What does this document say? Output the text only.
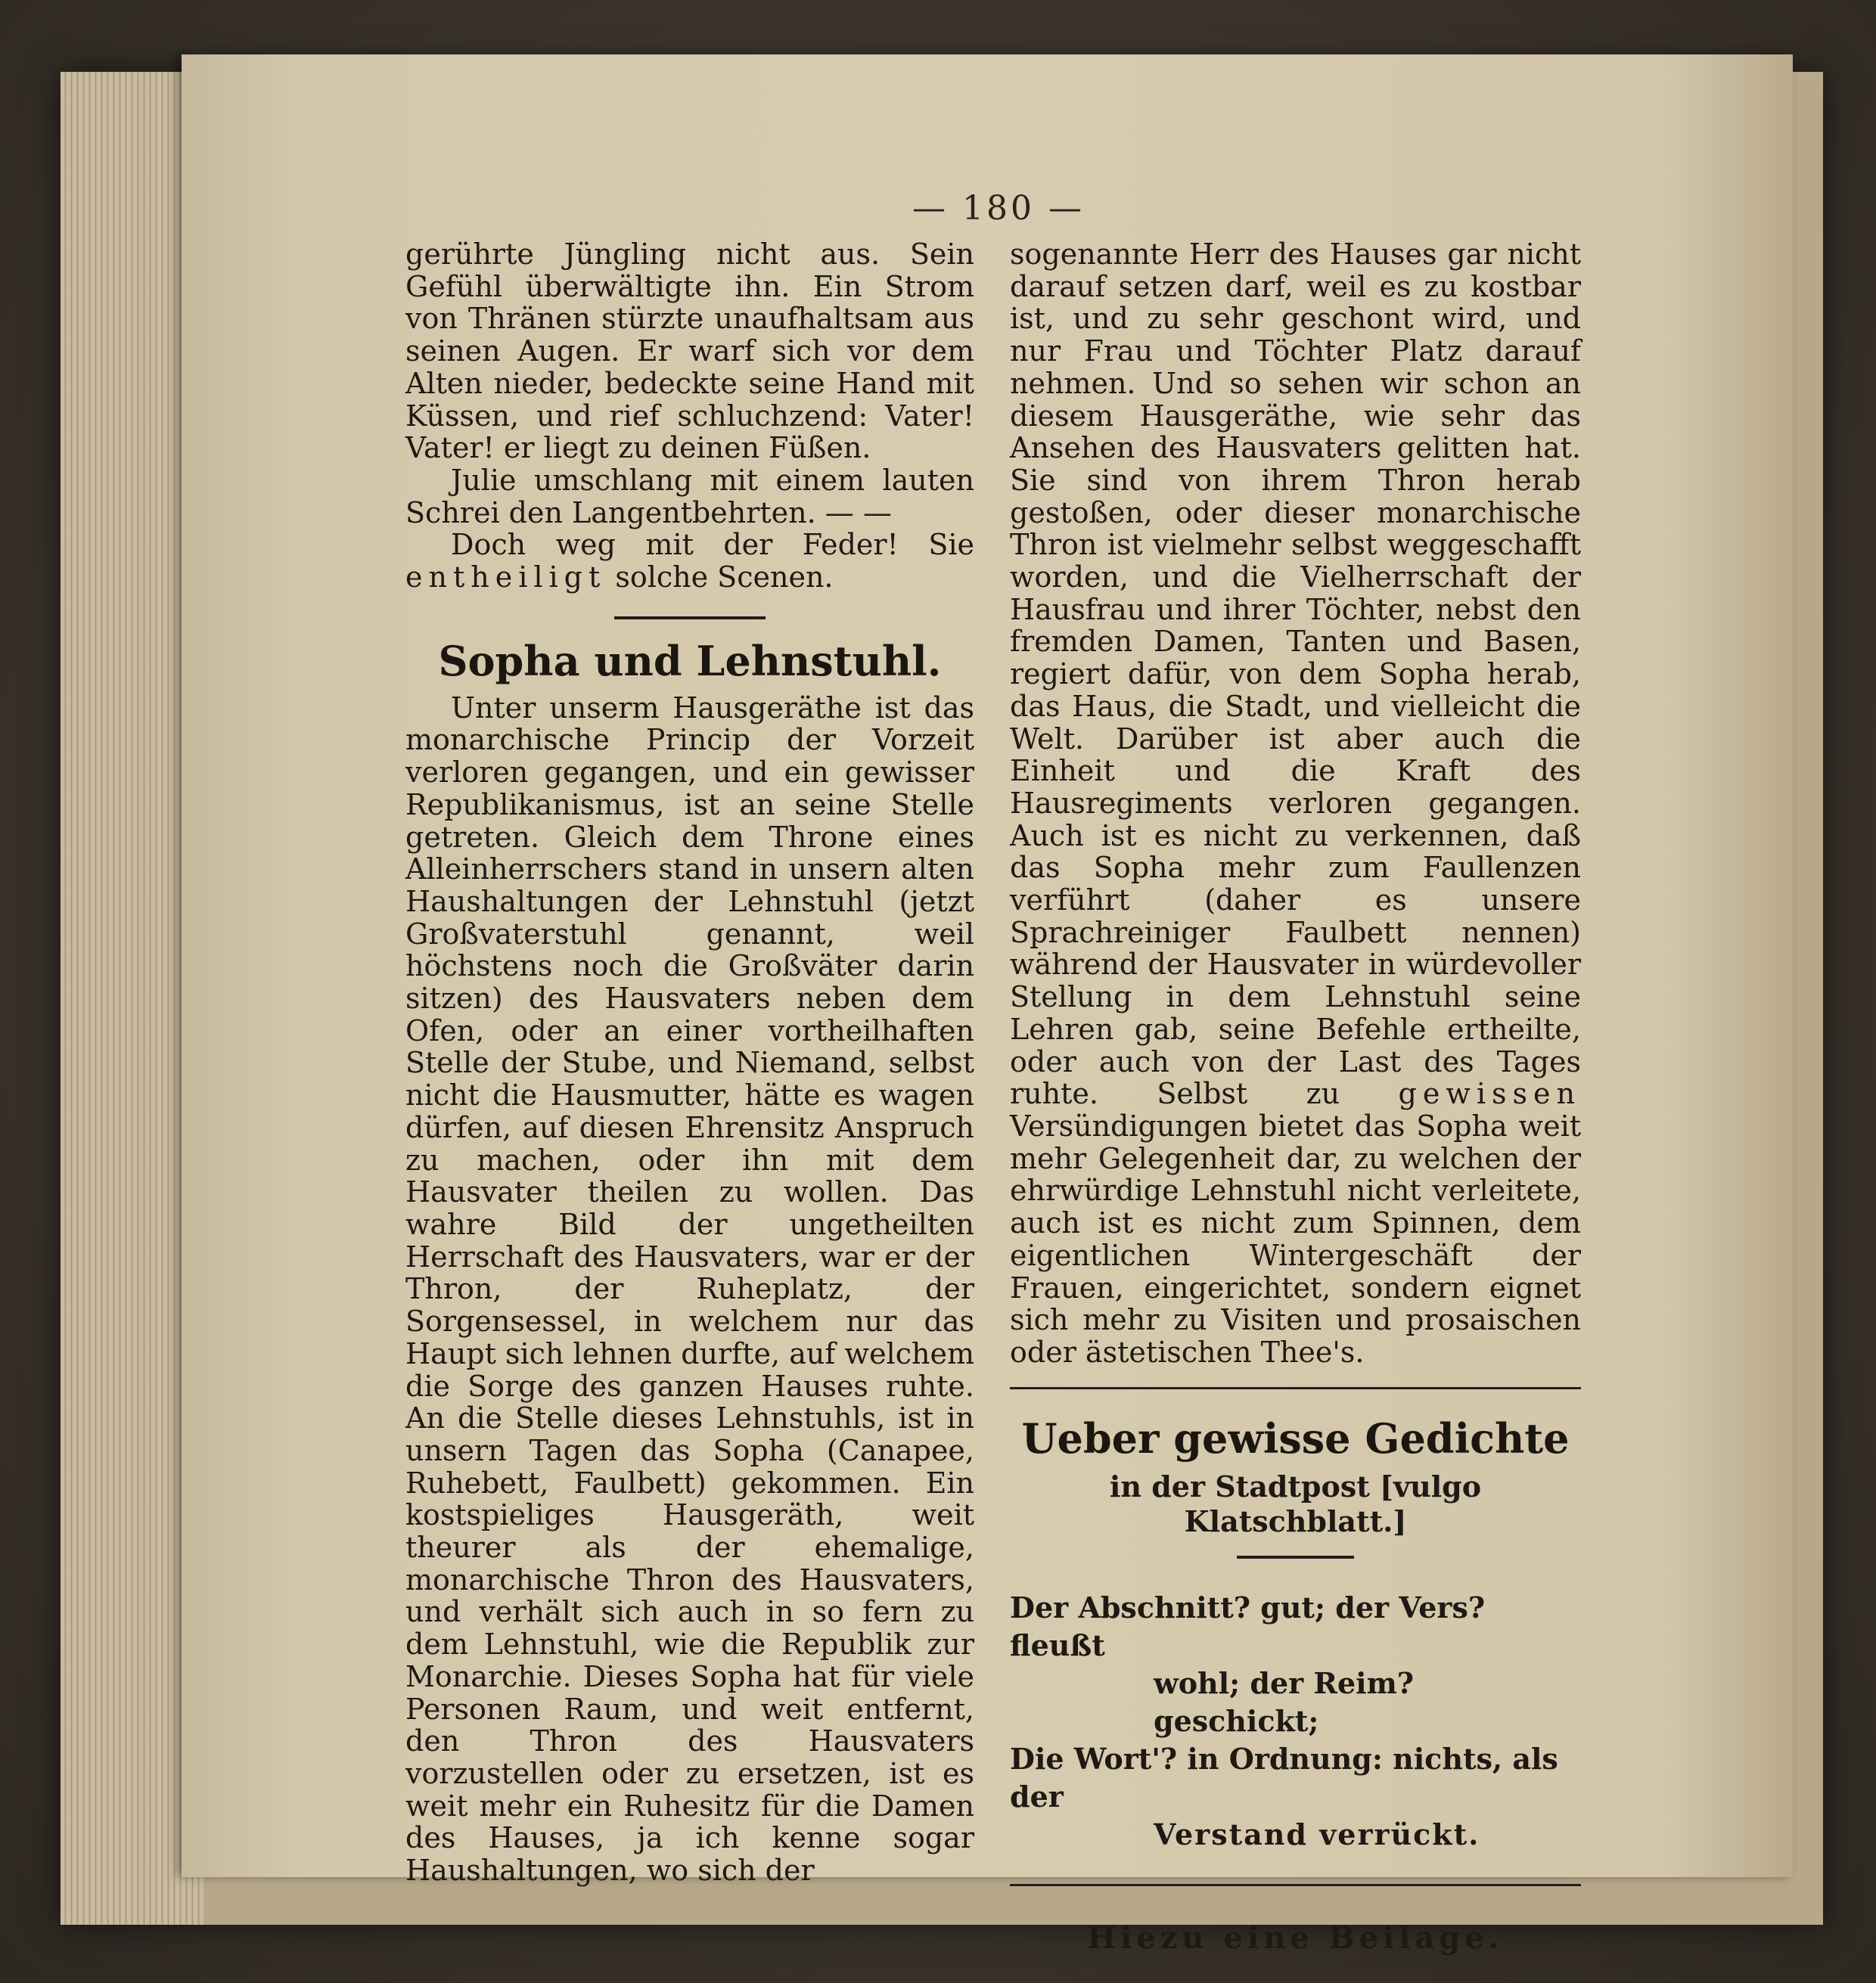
— 180 —

gerührte Jüngling nicht aus. Sein Gefühl überwältigte ihn. Ein Strom von Thränen stürzte unaufhaltsam aus seinen Augen. Er warf sich vor dem Alten nieder, bedeckte seine Hand mit Küssen, und rief schluchzend: Vater! Vater! er liegt zu deinen Füßen.

Julie umschlang mit einem lauten Schrei den Langentbehrten. — —

Doch weg mit der Feder! Sie entheiligt solche Scenen.

Sopha und Lehnstuhl.

Unter unserm Hausgeräthe ist das monarchische Princip der Vorzeit verloren gegangen, und ein gewisser Republikanismus, ist an seine Stelle getreten. Gleich dem Throne eines Alleinherrschers stand in unsern alten Haushaltungen der Lehnstuhl (jetzt Großvaterstuhl genannt, weil höchstens noch die Großväter darin sitzen) des Hausvaters neben dem Ofen, oder an einer vortheilhaften Stelle der Stube, und Niemand, selbst nicht die Hausmutter, hätte es wagen dürfen, auf diesen Ehrensitz Anspruch zu machen, oder ihn mit dem Hausvater theilen zu wollen. Das wahre Bild der ungetheilten Herrschaft des Hausvaters, war er der Thron, der Ruheplatz, der Sorgensessel, in welchem nur das Haupt sich lehnen durfte, auf welchem die Sorge des ganzen Hauses ruhte. An die Stelle dieses Lehnstuhls, ist in unsern Tagen das Sopha (Canapee, Ruhebett, Faulbett) gekommen. Ein kostspieliges Hausgeräth, weit theurer als der ehemalige, monarchische Thron des Hausvaters, und verhält sich auch in so fern zu dem Lehnstuhl, wie die Republik zur Monarchie. Dieses Sopha hat für viele Personen Raum, und weit entfernt, den Thron des Hausvaters vorzustellen oder zu ersetzen, ist es weit mehr ein Ruhesitz für die Damen des Hauses, ja ich kenne sogar Haushaltungen, wo sich der

sogenannte Herr des Hauses gar nicht darauf setzen darf, weil es zu kostbar ist, und zu sehr geschont wird, und nur Frau und Töchter Platz darauf nehmen. Und so sehen wir schon an diesem Hausgeräthe, wie sehr das Ansehen des Hausvaters gelitten hat. Sie sind von ihrem Thron herab gestoßen, oder dieser monarchische Thron ist vielmehr selbst weggeschafft worden, und die Vielherrschaft der Hausfrau und ihrer Töchter, nebst den fremden Damen, Tanten und Basen, regiert dafür, von dem Sopha herab, das Haus, die Stadt, und vielleicht die Welt. Darüber ist aber auch die Einheit und die Kraft des Hausregiments verloren gegangen. Auch ist es nicht zu verkennen, daß das Sopha mehr zum Faullenzen verführt (daher es unsere Sprachreiniger Faulbett nennen) während der Hausvater in würdevoller Stellung in dem Lehnstuhl seine Lehren gab, seine Befehle ertheilte, oder auch von der Last des Tages ruhte. Selbst zu gewissen Versündigungen bietet das Sopha weit mehr Gelegenheit dar, zu welchen der ehrwürdige Lehnstuhl nicht verleitete, auch ist es nicht zum Spinnen, dem eigentlichen Wintergeschäft der Frauen, eingerichtet, sondern eignet sich mehr zu Visiten und prosaischen oder ästetischen Thee's.

Ueber gewisse Gedichte
in der Stadtpost [vulgo Klatschblatt.]
Der Abschnitt? gut; der Vers? fleußt
wohl; der Reim? geschickt;
Die Wort'? in Ordnung: nichts, als der
Verstand verrückt.
Hiezu eine Beilage.
